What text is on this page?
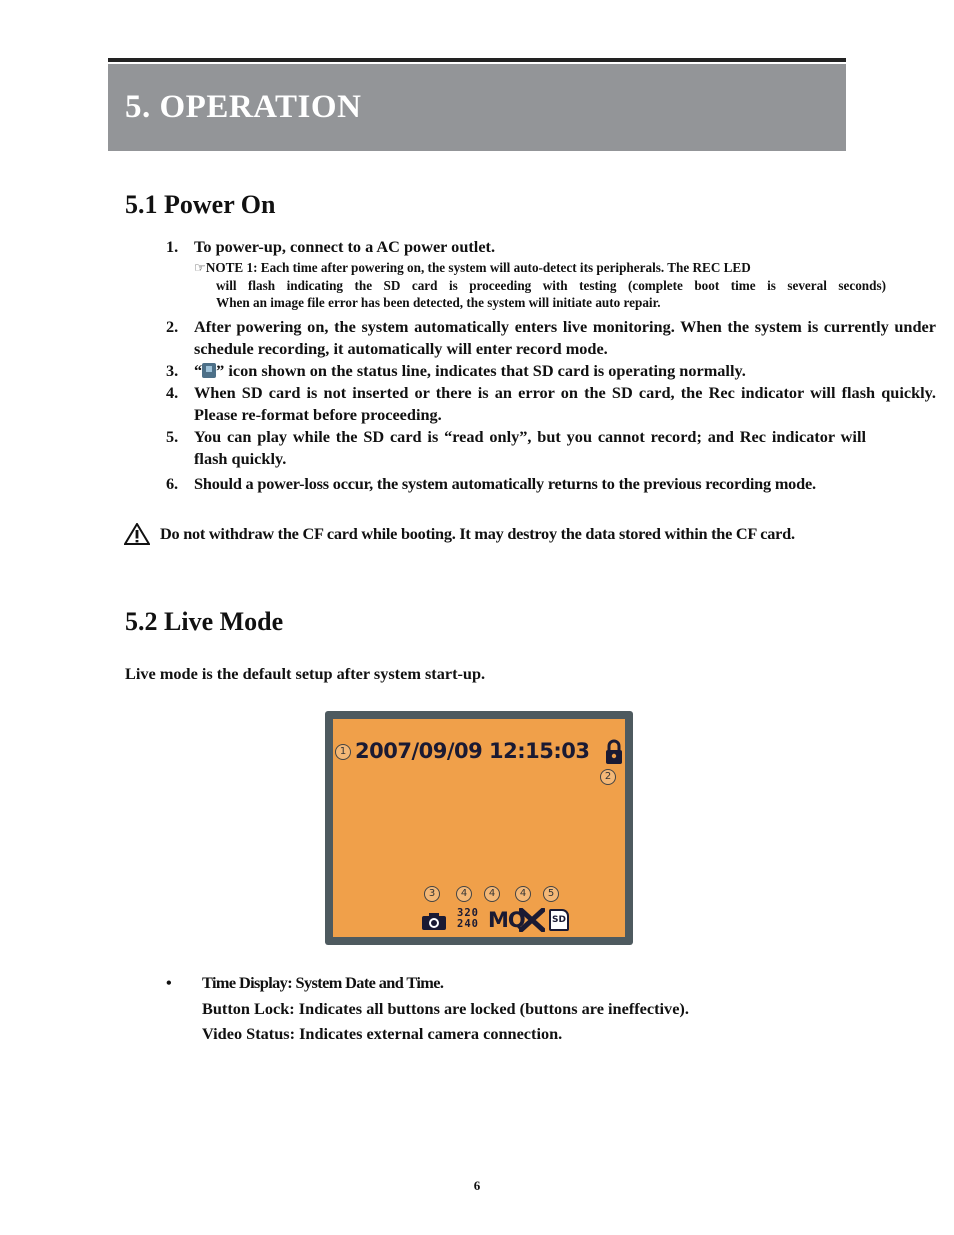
5. OPERATION
5.1 Power On
1. To power-up, connect to a AC power outlet.
☞NOTE 1: Each time after powering on, the system will auto-detect its peripherals. The REC LED
will flash indicating the SD card is proceeding with testing (complete boot time is several seconds)
When an image file error has been detected, the system will initiate auto repair.
2. After powering on, the system automatically enters live monitoring. When the system is currently under schedule recording, it automatically will enter record mode.
3. “ ” icon shown on the status line, indicates that SD card is operating normally.
4. When SD card is not inserted or there is an error on the SD card, the Rec indicator will flash quickly. Please re-format before proceeding.
5. You can play while the SD card is “read only”, but you cannot record; and Rec indicator will flash quickly.
6. Should a power-loss occur, the system automatically returns to the previous recording mode.
Do not withdraw the CF card while booting. It may destroy the data stored within the CF card.
5.2 Live Mode
Live mode is the default setup after system start-up.
1 2007/09/09 12:15:03
2
3	4	4	4	5
320
240 MQ	SD
•	Time Display: System Date and Time.
Button Lock: Indicates all buttons are locked (buttons are ineffective).
Video Status: Indicates external camera connection.
6
